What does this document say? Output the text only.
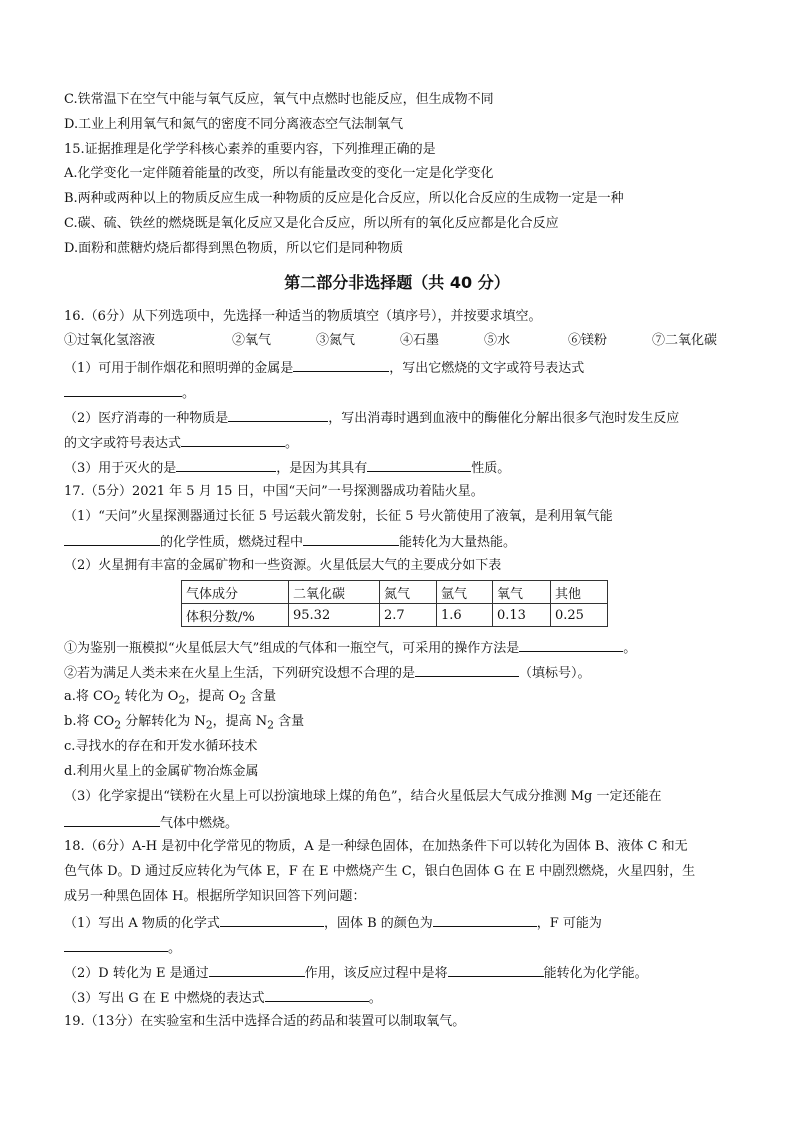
C.铁常温下在空气中能与氧气反应，氧气中点燃时也能反应，但生成物不同
D.工业上利用氧气和氮气的密度不同分离液态空气法制氧气
15.证据推理是化学学科核心素养的重要内容，下列推理正确的是
A.化学变化一定伴随着能量的改变，所以有能量改变的变化一定是化学变化
B.两种或两种以上的物质反应生成一种物质的反应是化合反应，所以化合反应的生成物一定是一种
C.碳、硫、铁丝的燃烧既是氧化反应又是化合反应，所以所有的氧化反应都是化合反应
D.面粉和蔗糖灼烧后都得到黑色物质，所以它们是同种物质
第二部分非选择题（共 40 分）
16.（6分）从下列选项中，先选择一种适当的物质填空（填序号），并按要求填空。
①过氧化氢溶液	②氧气	③氮气	④石墨	⑤水	⑥镁粉	⑦二氧化碳
（1）可用于制作烟花和照明弹的金属是	，写出它燃烧的文字或符号表达式
。
（2）医疗消毒的一种物质是	，写出消毒时遇到血液中的酶催化分解出很多气泡时发生反应
的文字或符号表达式	。
（3）用于灭火的是	，是因为其具有	性质。
17.（5分）2021 年 5 月 15 日，中国“天问”一号探测器成功着陆火星。
（1）“天问”火星探测器通过长征 5 号运载火箭发射，长征 5 号火箭使用了液氧，是利用氧气能
的化学性质，燃烧过程中	能转化为大量热能。
（2）火星拥有丰富的金属矿物和一些资源。火星低层大气的主要成分如下表
气体成分	二氧化碳	氮气	氩气	氧气	其他
体积分数/%	95.32	2.7	1.6	0.13	0.25
①为鉴别一瓶模拟“火星低层大气”组成的气体和一瓶空气，可采用的操作方法是	。
②若为满足人类未来在火星上生活，下列研究设想不合理的是	（填标号）。
a.将 $CO_2$ 转化为 $O_2$，提高 $O_2$ 含量
b.将 $CO_2$ 分解转化为 $N_2$，提高 $N_2$ 含量
c.寻找水的存在和开发水循环技术
d.利用火星上的金属矿物冶炼金属
（3）化学家提出“镁粉在火星上可以扮演地球上煤的角色”，结合火星低层大气成分推测 Mg 一定还能在
气体中燃烧。
18.（6分）A-H 是初中化学常见的物质，A 是一种绿色固体，在加热条件下可以转化为固体 B、液体 C 和无
色气体 D。D 通过反应转化为气体 E，F 在 E 中燃烧产生 C，银白色固体 G 在 E 中剧烈燃烧，火星四射，生
成另一种黑色固体 H。根据所学知识回答下列问题：
（1）写出 A 物质的化学式	，固体 B 的颜色为	，F 可能为
。
（2）D 转化为 E 是通过	作用，该反应过程中是将	能转化为化学能。
（3）写出 G 在 E 中燃烧的表达式	。
19.（13分）在实验室和生活中选择合适的药品和装置可以制取氧气。
